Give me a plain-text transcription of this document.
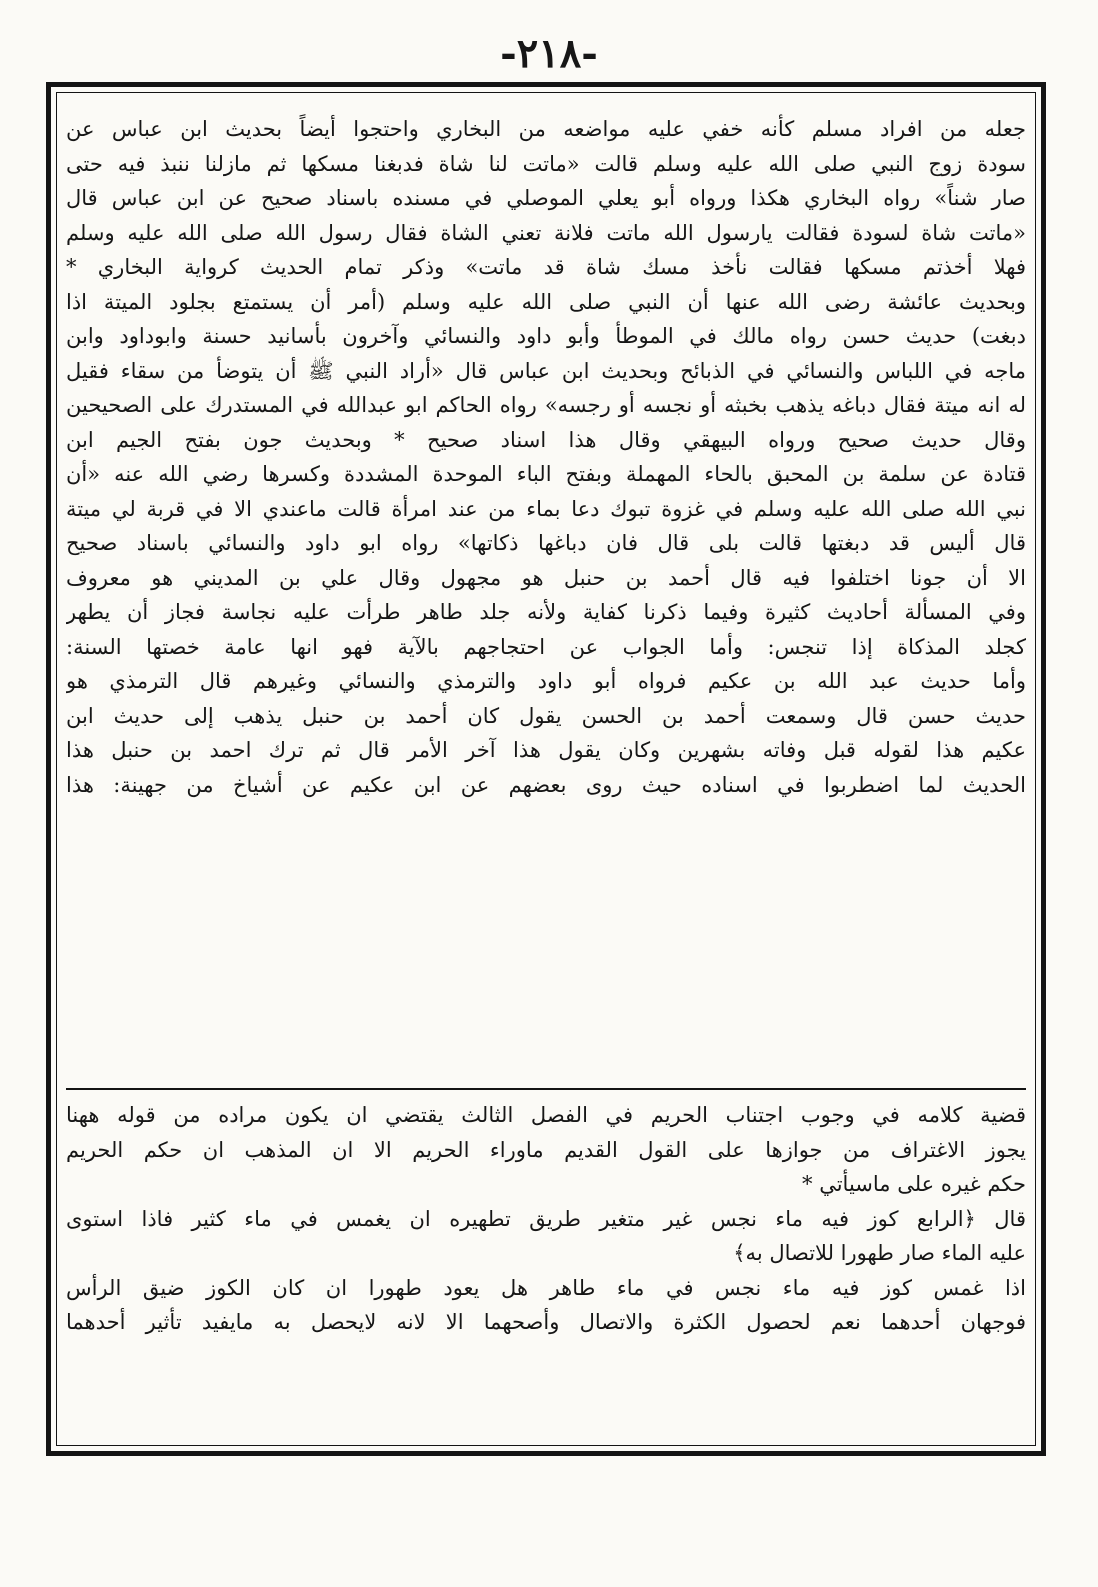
-٢١٨-
جعله من افراد مسلم كأنه خفي عليه مواضعه من البخاري واحتجوا أيضاً بحديث ابن عباس عن
سودة زوج النبي صلى الله عليه وسلم قالت «ماتت لنا شاة فدبغنا مسكها ثم مازلنا ننبذ فيه حتى
صار شناً» رواه البخاري هكذا ورواه أبو يعلي الموصلي في مسنده باسناد صحيح عن ابن عباس قال
«ماتت شاة لسودة فقالت يارسول الله ماتت فلانة تعني الشاة فقال رسول الله صلى الله عليه وسلم
فهلا أخذتم مسكها فقالت نأخذ مسك شاة قد ماتت» وذكر تمام الحديث كرواية البخاري *
وبحديث عائشة رضى الله عنها أن النبي صلى الله عليه وسلم (أمر أن يستمتع بجلود الميتة اذا
دبغت) حديث حسن رواه مالك في الموطأ وأبو داود والنسائي وآخرون بأسانيد حسنة وابوداود وابن
ماجه في اللباس والنسائي في الذبائح وبحديث ابن عباس قال «أراد النبي ﷺ أن يتوضأ من سقاء فقيل
له انه ميتة فقال دباغه يذهب بخبثه أو نجسه أو رجسه» رواه الحاكم ابو عبدالله في المستدرك على الصحيحين
وقال حديث صحيح ورواه البيهقي وقال هذا اسناد صحيح * وبحديث جون بفتح الجيم ابن
قتادة عن سلمة بن المحبق بالحاء المهملة وبفتح الباء الموحدة المشددة وكسرها رضي الله عنه «أن
نبي الله صلى الله عليه وسلم في غزوة تبوك دعا بماء من عند امرأة قالت ماعندي الا في قربة لي ميتة
قال أليس قد دبغتها قالت بلى قال فان دباغها ذكاتها» رواه ابو داود والنسائي باسناد صحيح
الا أن جونا اختلفوا فيه قال أحمد بن حنبل هو مجهول وقال علي بن المديني هو معروف
وفي المسألة أحاديث كثيرة وفيما ذكرنا كفاية ولأنه جلد طاهر طرأت عليه نجاسة فجاز أن يطهر
كجلد المذكاة إذا تنجس: وأما الجواب عن احتجاجهم بالآية فهو انها عامة خصتها السنة:
وأما حديث عبد الله بن عكيم فرواه أبو داود والترمذي والنسائي وغيرهم قال الترمذي هو
حديث حسن قال وسمعت أحمد بن الحسن يقول كان أحمد بن حنبل يذهب إلى حديث ابن
عكيم هذا لقوله قبل وفاته بشهرين وكان يقول هذا آخر الأمر قال ثم ترك احمد بن حنبل هذا
الحديث لما اضطربوا في اسناده حيث روى بعضهم عن ابن عكيم عن أشياخ من جهينة: هذا
قضية كلامه في وجوب اجتناب الحريم في الفصل الثالث يقتضي ان يكون مراده من قوله ههنا
يجوز الاغتراف من جوازها على القول القديم ماوراء الحريم الا ان المذهب ان حكم الحريم
حكم غيره على ماسيأتي *
قال ﴿الرابع كوز فيه ماء نجس غير متغير طريق تطهيره ان يغمس في ماء كثير فاذا استوى
عليه الماء صار طهورا للاتصال به﴾
اذا غمس كوز فيه ماء نجس في ماء طاهر هل يعود طهورا ان كان الكوز ضيق الرأس
فوجهان أحدهما نعم لحصول الكثرة والاتصال وأصحهما الا لانه لايحصل به مايفيد تأثير أحدهما
